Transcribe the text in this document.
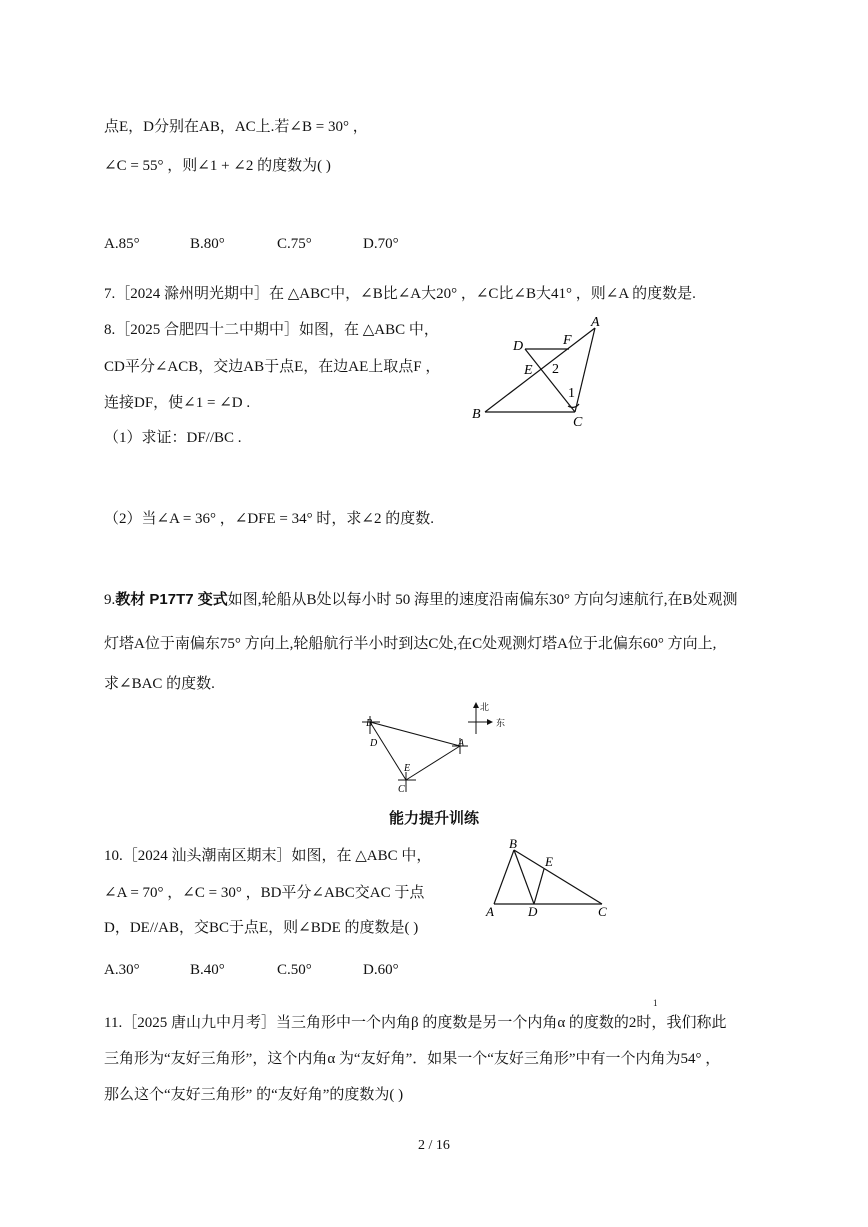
点E，D分别在AB，AC上.若∠B = 30° ，
∠C = 55° ，则∠1 + ∠2 的度数为( )
A.85°	B.80°	C.75°	D.70°
7.［2024 滁州明光期中］在 △ABC中，∠B比∠A大20° ，∠C比∠B大41° ，则∠A 的度数是.
8.［2025 合肥四十二中期中］如图，在 △ABC 中，
CD平分∠ACB，交边AB于点E，在边AE上取点F ，
连接DF，使∠1 = ∠D .
（1）求证：DF//BC .
（2）当∠A = 36° ，∠DFE = 34° 时，求∠2 的度数.
D	F
A
E 2
1
B
C
9.教材 P17T7 变式如图,轮船从B处以每小时 50 海里的速度沿南偏东30° 方向匀速航行,在B处观测
灯塔A位于南偏东75° 方向上,轮船航行半小时到达C处,在C处观测灯塔A位于北偏东60° 方向上,
求∠BAC 的度数.
B
D	A
E
C
北
东
能力提升训练
10.［2024 汕头潮南区期末］如图，在 △ABC 中，
∠A = 70° ，∠C = 30° ，BD平分∠ABC交AC 于点
D，DE//AB，交BC于点E，则∠BDE 的度数是( )
A.30°	B.40°	C.50°	D.60°
B
E
A	D	C
1
11.［2025 唐山九中月考］当三角形中一个内角β 的度数是另一个内角α 的度数的2时，我们称此
三角形为“友好三角形”，这个内角α 为“友好角”．如果一个“友好三角形”中有一个内角为54° ，
那么这个“友好三角形” 的“友好角”的度数为( )
2 / 16
